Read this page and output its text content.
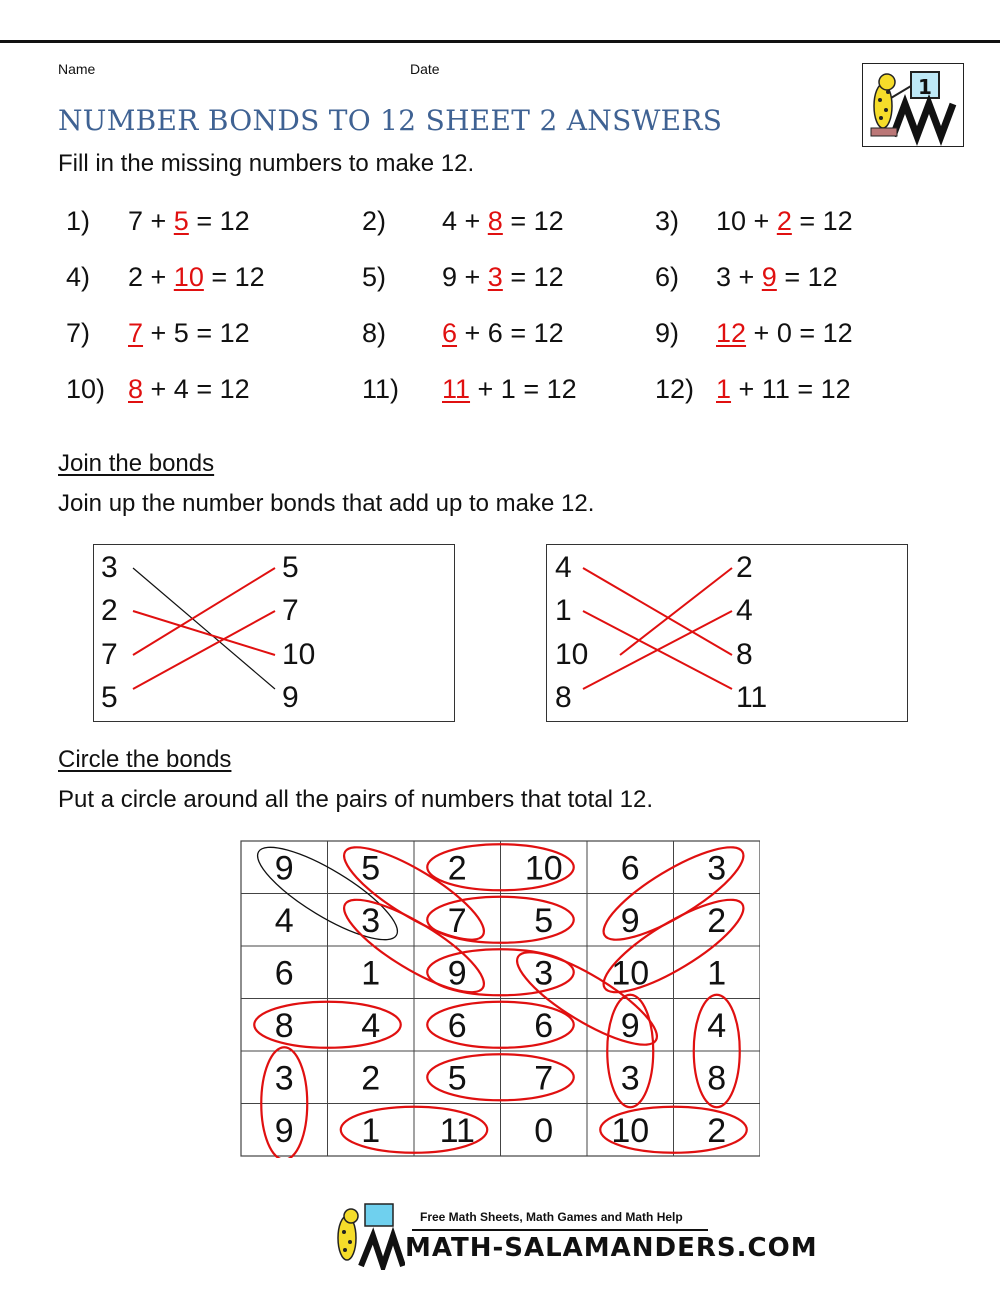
Name	Date
NUMBER BONDS TO 12 SHEET 2 ANSWERS
1
Fill in the missing numbers to make 12.
1) 7 + 5 = 12	2) 4 + 8 = 12	3) 10 + 2 = 12
4) 2 + 10 = 12	5) 9 + 3 = 12	6) 3 + 9 = 12
7) 7 + 5 = 12	8) 6 + 6 = 12	9) 12 + 0 = 12
10) 8 + 4 = 12	11) 11 + 1 = 12	12) 1 + 11 = 12
Join the bonds
Join up the number bonds that add up to make 12.
3
2
7
5
5
7
10
9
4
1
10
8
2
4
8
11
Circle the bonds
Put a circle around all the pairs of numbers that total 12.
9 5 2 10 6 3
4 3 7 5 9 2
6 1 9 3 10 1
8 4 6 6 9 4
3 2 5 7 3 8
9 1 11 0 10 2
Free Math Sheets, Math Games and Math Help
MATH-SALAMANDERS.COM
